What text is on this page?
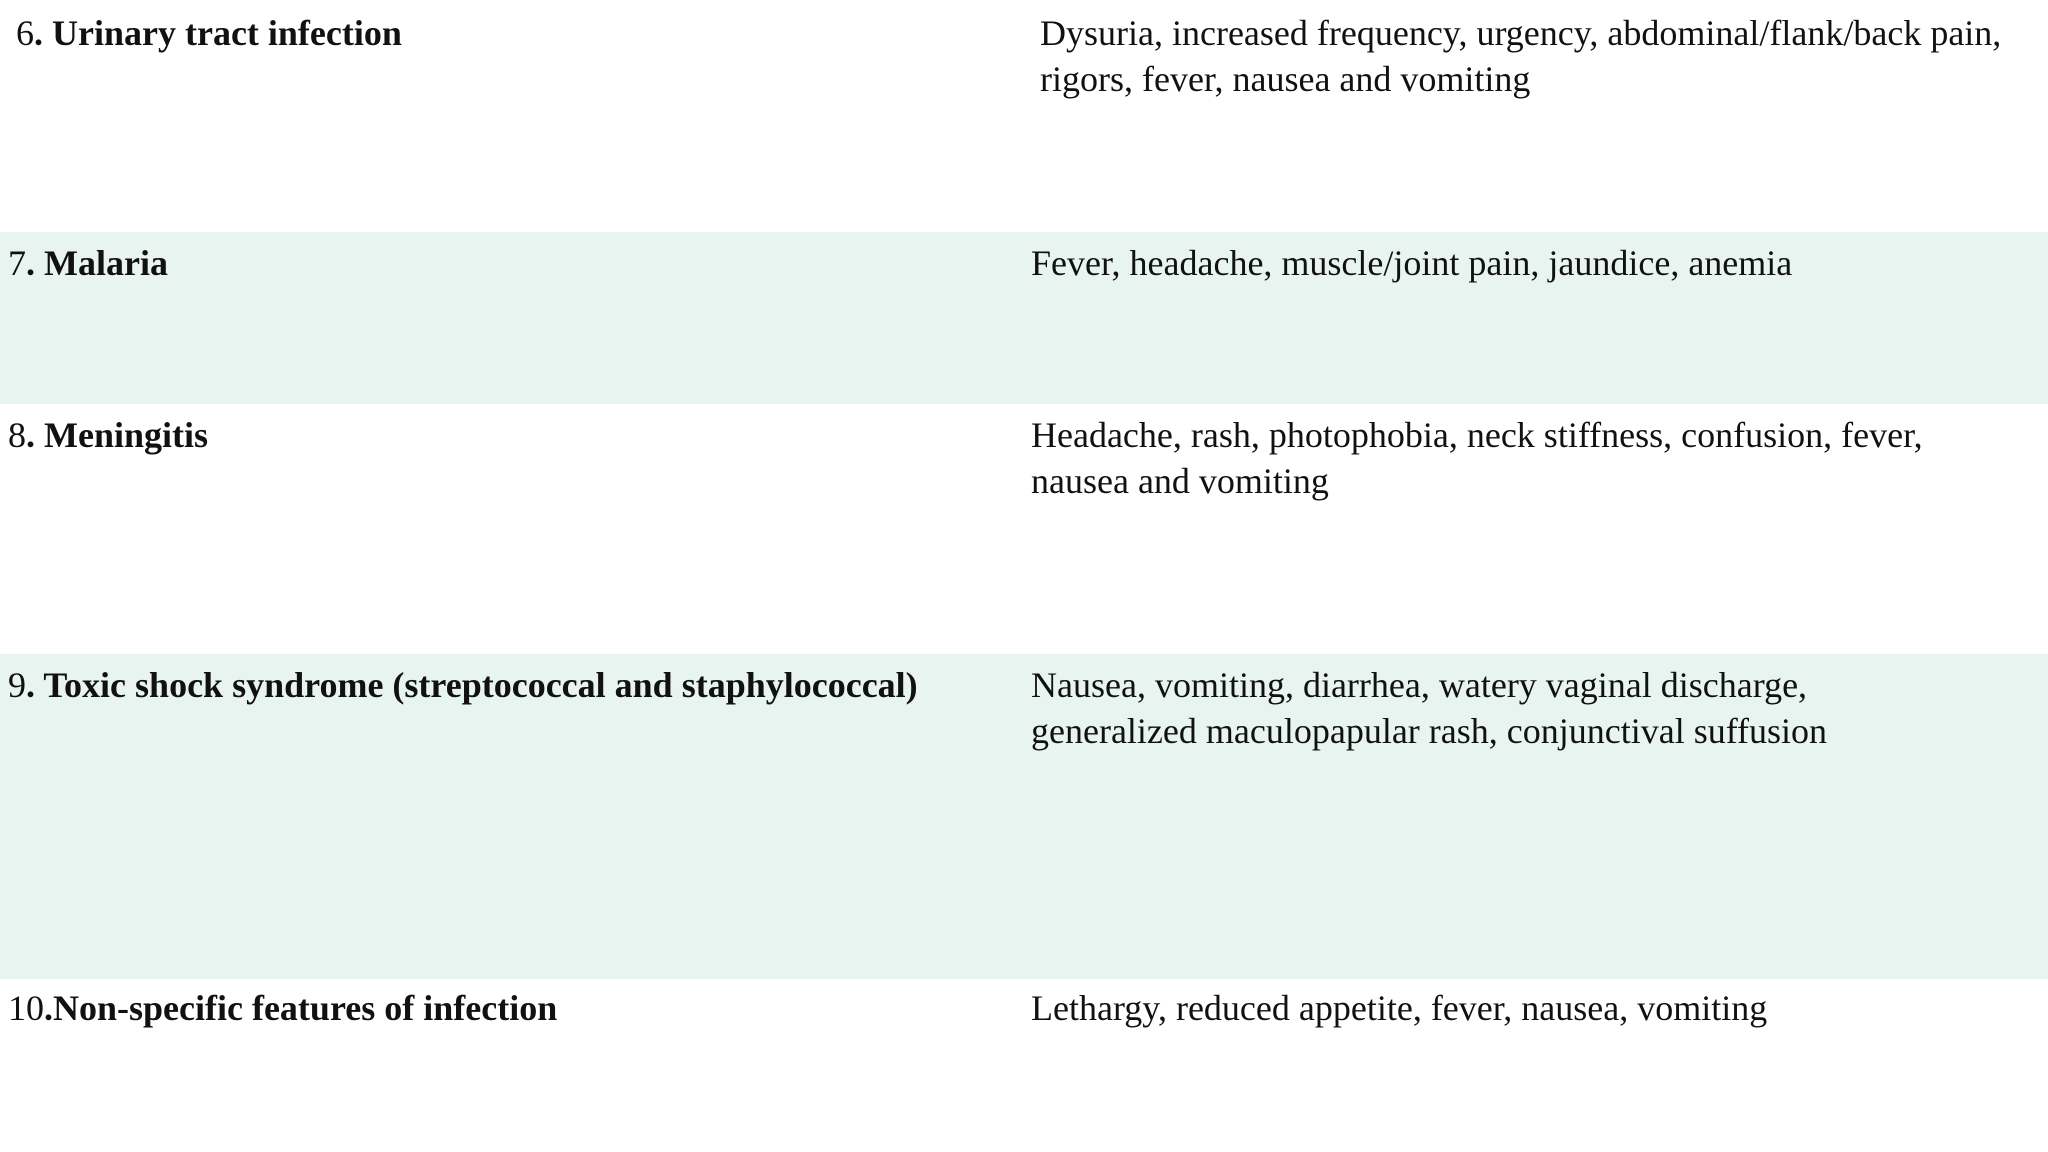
6. Urinary tract infection	Dysuria, increased frequency, urgency, abdominal/flank/back pain, rigors, fever, nausea and vomiting
7. Malaria	Fever, headache, muscle/joint pain, jaundice, anemia
8. Meningitis	Headache, rash, photophobia, neck stiffness, confusion, fever, nausea and vomiting
9. Toxic shock syndrome (streptococcal and staphylococcal)	Nausea, vomiting, diarrhea, watery vaginal discharge, generalized maculopapular rash, conjunctival suffusion
10.Non-specific features of infection	Lethargy, reduced appetite, fever, nausea, vomiting
